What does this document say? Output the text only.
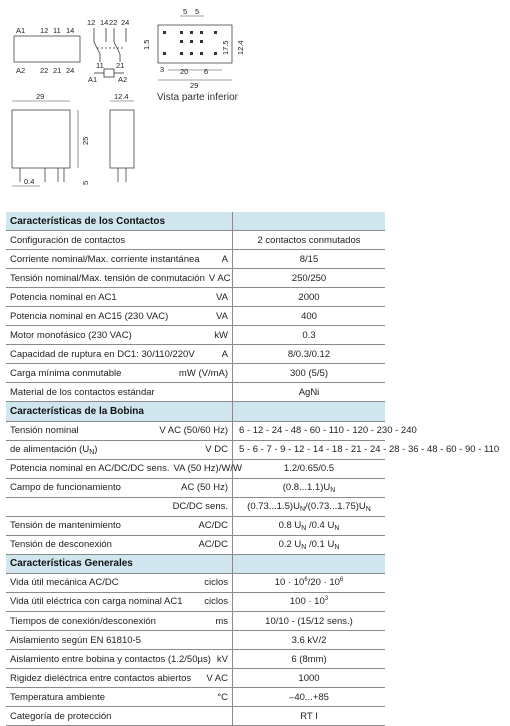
A1 12 11 14
A2 22 21 24
12 14 22 24
11 21
A1	A2
5 5
1.5	17.5 12.4
3 20 6
29
29
25
0.4	5
12.4	Vista parte inferior
Características de los Contactos	

Configuración de contactos	2 contactos conmutados

Corriente nominal/Max. corriente instantánea A	8/15

Tensión nominal/Max. tensión de conmutación V AC	250/250

Potencia nominal en AC1 VA	2000

Potencia nominal en AC15 (230 VAC) VA	400

Motor monofásico (230 VAC) kW	0.3

Capacidad de ruptura en DC1: 30/110/220V A	8/0.3/0.12

Carga mínima conmutable mW (V/mA)	300 (5/5)

Material de los contactos estándar	AgNi
Características de la Bobina	

Tensión nominal V AC (50/60 Hz)	6 - 12 - 24 - 48 - 60 - 110 - 120 - 230 - 240

de alimentación $(U_N)$ V DC	5 - 6 - 7 - 9 - 12 - 14 - 18 - 21 - 24 - 28 - 36 - 48 - 60 - 90 - 110

Potencia nominal en AC/DC/DC sens. VA (50 Hz)/W/W	1.2/0.65/0.5

Campo de funcionamiento AC (50 Hz)	$(0.8...1.1)U_N$

DC/DC sens.	$(0.73...1.5)U_N/(0.73...1.75)U_N$

Tensión de mantenimiento AC/DC	0.8 $U_N$ /0.4 $U_N$

Tensión de desconexión AC/DC	0.2 $U_N$ /0.1 $U_N$
Características Generales	

Vida útil mecánica AC/DC ciclos	$10 \cdot 10^6/20 \cdot 10^6$

Vida útil eléctrica con carga nominal AC1 ciclos	$100 \cdot 10^3$

Tiempos de conexión/desconexión ms	10/10 - (15/12 sens.)

Aislamiento según EN 61810-5	3.6 kV/2

Aislamiento entre bobina y contactos (1.2/50µs) kV	6 (8mm)

Rigidez dieléctrica entre contactos abiertos V AC	1000

Temperatura ambiente °C	–40...+85

Categoría de protección	RT I
